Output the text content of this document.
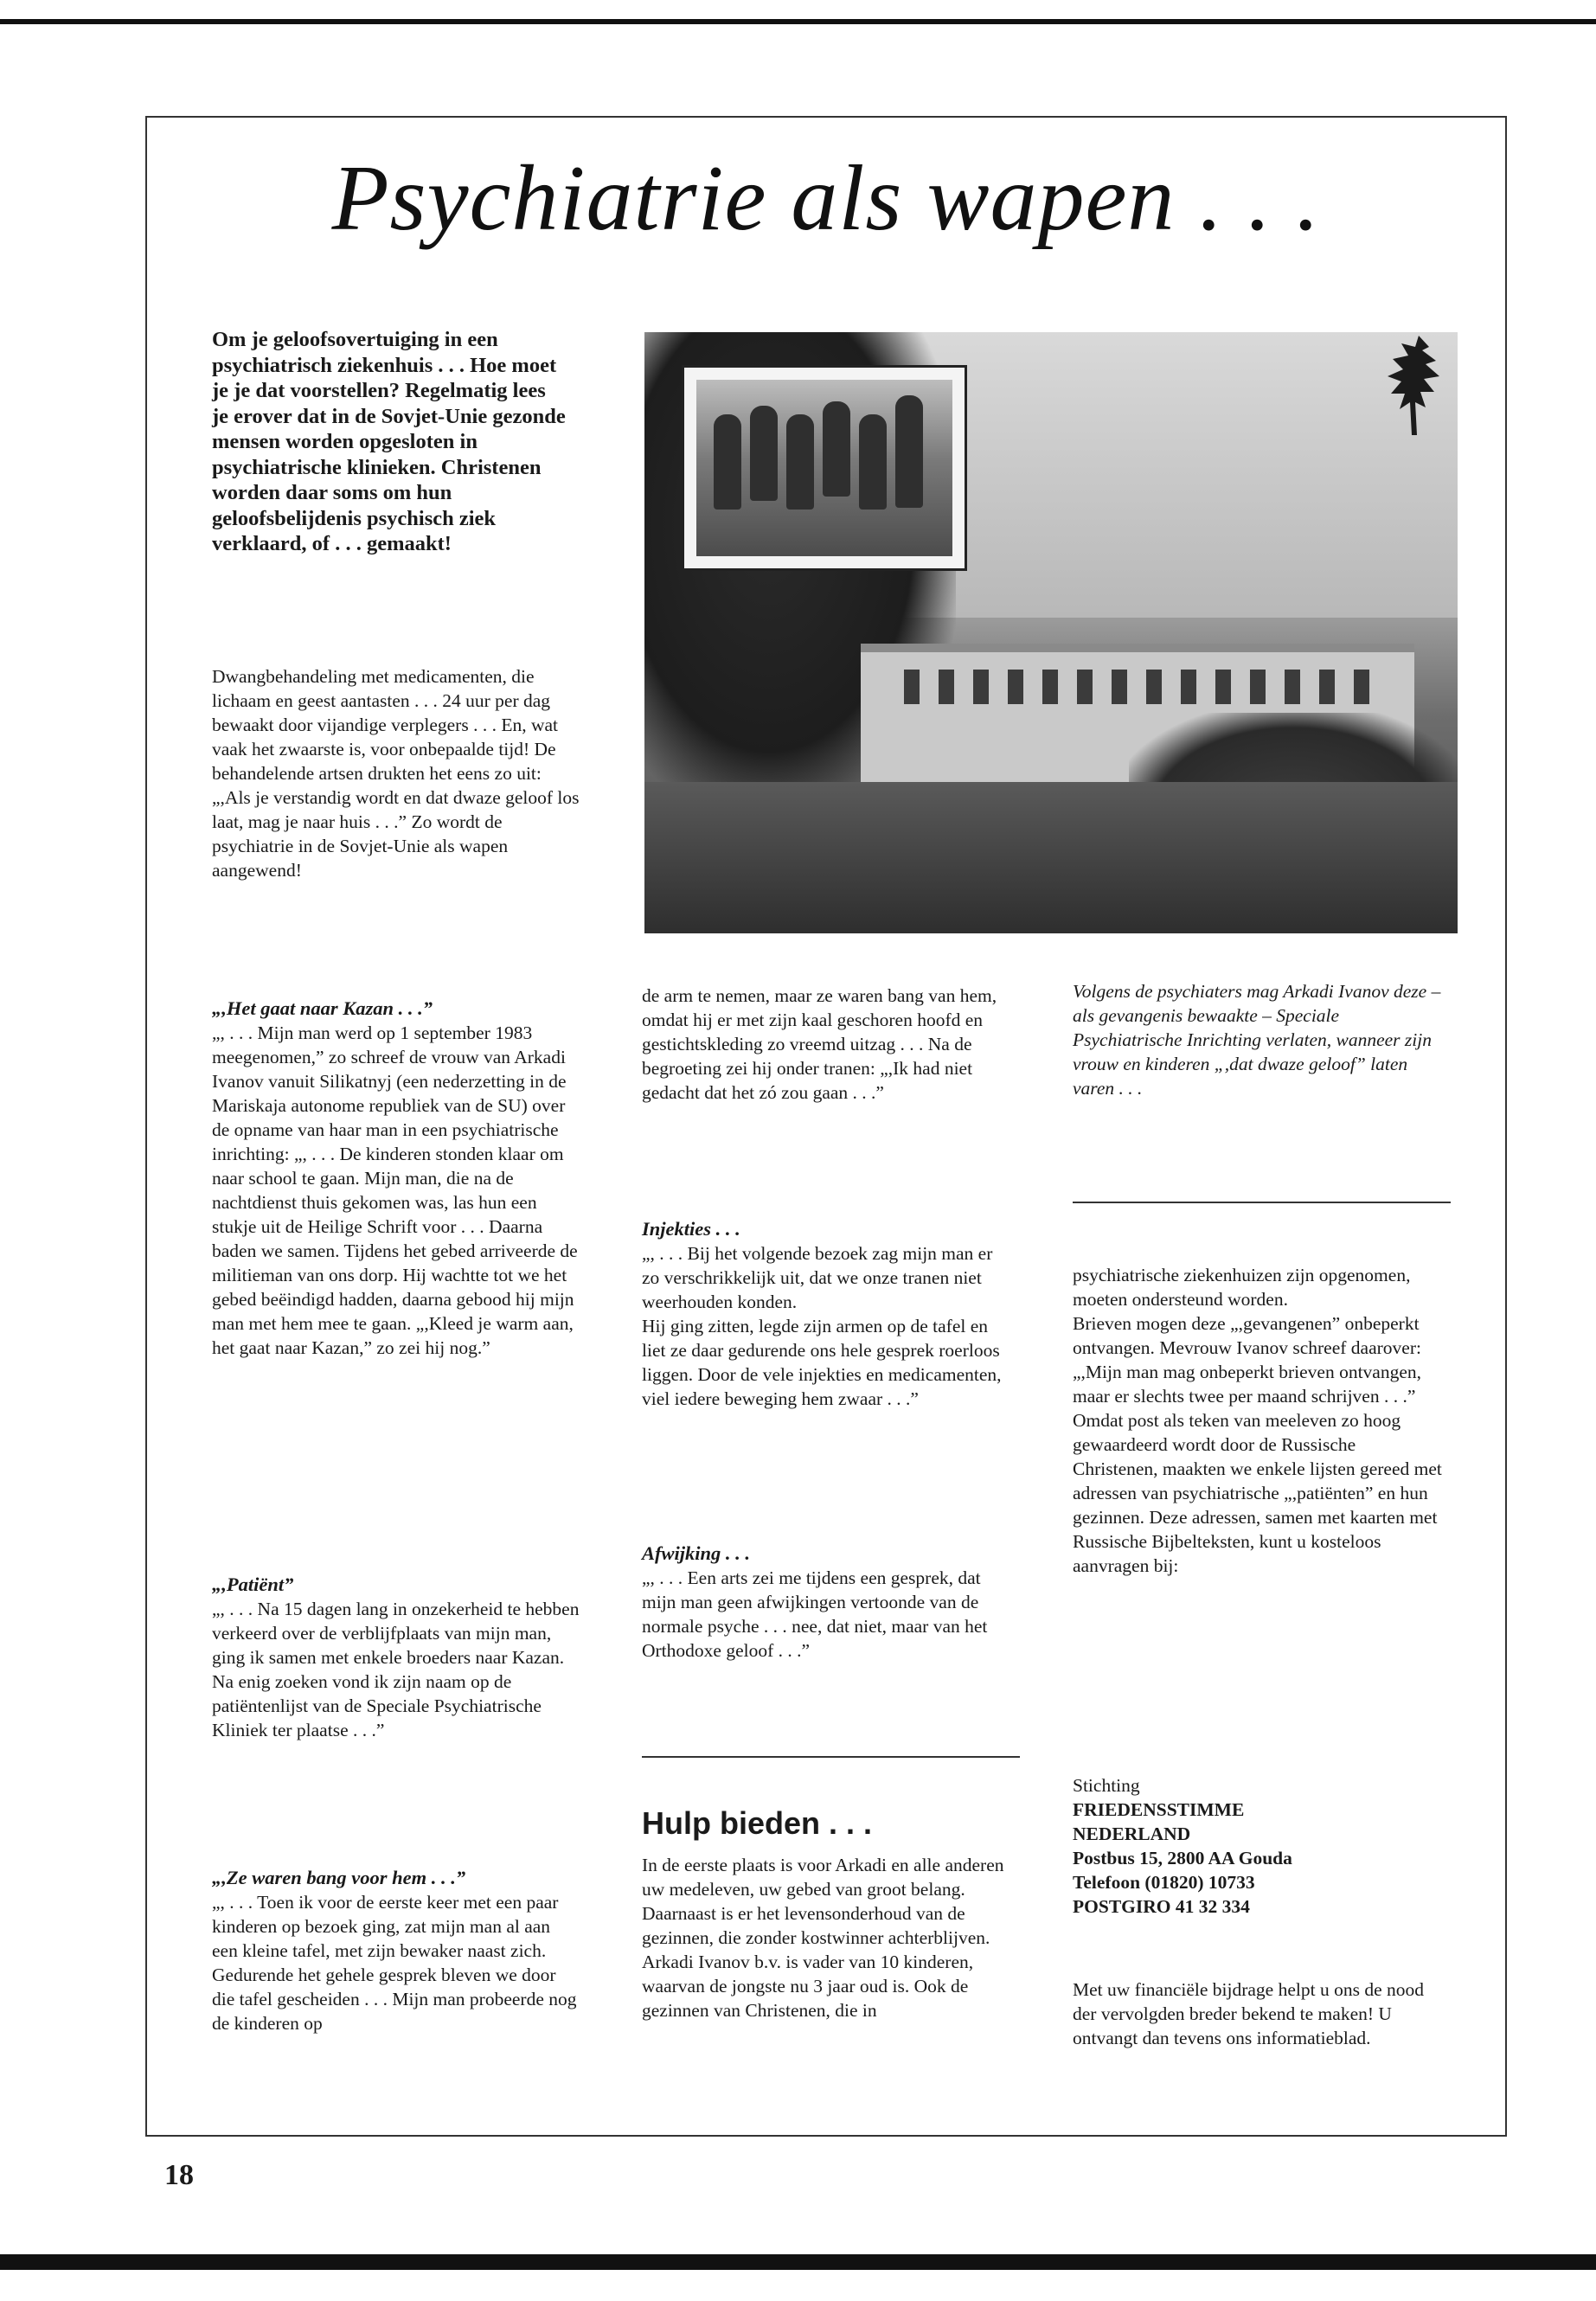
Psychiatrie als wapen . . .

Om je geloofsovertuiging in een psychiatrisch ziekenhuis . . . Hoe moet je je dat voorstellen? Regelmatig lees je erover dat in de Sovjet-Unie gezonde mensen worden opgesloten in psychiatrische klinieken. Christenen worden daar soms om hun geloofsbelijdenis psychisch ziek verklaard, of . . . gemaakt!

Dwangbehandeling met medicamenten, die lichaam en geest aantasten . . . 24 uur per dag bewaakt door vijandige verplegers . . . En, wat vaak het zwaarste is, voor onbepaalde tijd! De behandelende artsen drukten het eens zo uit: „,Als je verstandig wordt en dat dwaze geloof los laat, mag je naar huis . . .” Zo wordt de psychiatrie in de Sovjet-Unie als wapen aangewend!

„,Het gaat naar Kazan . . .”

„, . . . Mijn man werd op 1 september 1983 meegenomen,” zo schreef de vrouw van Arkadi Ivanov vanuit Silikatnyj (een nederzetting in de Mariskaja autonome republiek van de SU) over de opname van haar man in een psychiatrische inrichting: „, . . . De kinderen stonden klaar om naar school te gaan. Mijn man, die na de nachtdienst thuis gekomen was, las hun een stukje uit de Heilige Schrift voor . . . Daarna baden we samen. Tijdens het gebed arriveerde de militieman van ons dorp. Hij wachtte tot we het gebed beëindigd hadden, daarna gebood hij mijn man met hem mee te gaan. „,Kleed je warm aan, het gaat naar Kazan,” zo zei hij nog.”

„,Patiënt”

„, . . . Na 15 dagen lang in onzekerheid te hebben verkeerd over de verblijfplaats van mijn man, ging ik samen met enkele broeders naar Kazan. Na enig zoeken vond ik zijn naam op de patiëntenlijst van de Speciale Psychiatrische Kliniek ter plaatse . . .”

„,Ze waren bang voor hem . . .”

„, . . . Toen ik voor de eerste keer met een paar kinderen op bezoek ging, zat mijn man al aan een kleine tafel, met zijn bewaker naast zich. Gedurende het gehele gesprek bleven we door die tafel gescheiden . . . Mijn man probeerde nog de kinderen op

de arm te nemen, maar ze waren bang van hem, omdat hij er met zijn kaal geschoren hoofd en gestichtskleding zo vreemd uitzag . . . Na de begroeting zei hij onder tranen: „,Ik had niet gedacht dat het zó zou gaan . . .”

Injekties . . .

„, . . . Bij het volgende bezoek zag mijn man er zo verschrikkelijk uit, dat we onze tranen niet weerhouden konden.

Hij ging zitten, legde zijn armen op de tafel en liet ze daar gedurende ons hele gesprek roerloos liggen. Door de vele injekties en medicamenten, viel iedere beweging hem zwaar . . .”

Afwijking . . .

„, . . . Een arts zei me tijdens een gesprek, dat mijn man geen afwijkingen vertoonde van de normale psyche . . . nee, dat niet, maar van het Orthodoxe geloof . . .”

Hulp bieden . . .

In de eerste plaats is voor Arkadi en alle anderen uw medeleven, uw gebed van groot belang.

Daarnaast is er het levensonderhoud van de gezinnen, die zonder kostwinner achterblijven. Arkadi Ivanov b.v. is vader van 10 kinderen, waarvan de jongste nu 3 jaar oud is. Ook de gezinnen van Christenen, die in

Volgens de psychiaters mag Arkadi Ivanov deze – als gevangenis bewaakte – Speciale Psychiatrische Inrichting verlaten, wanneer zijn vrouw en kinderen „,dat dwaze geloof” laten varen . . .

psychiatrische ziekenhuizen zijn opgenomen, moeten ondersteund worden.

Brieven mogen deze „,gevangenen” onbeperkt ontvangen. Mevrouw Ivanov schreef daarover: „,Mijn man mag onbeperkt brieven ontvangen, maar er slechts twee per maand schrijven . . .”

Omdat post als teken van meeleven zo hoog gewaardeerd wordt door de Russische Christenen, maakten we enkele lijsten gereed met adressen van psychiatrische „,patiënten” en hun gezinnen. Deze adressen, samen met kaarten met Russische Bijbelteksten, kunt u kosteloos aanvragen bij:

Stichting

FRIEDENSSTIMME

NEDERLAND

Postbus 15, 2800 AA Gouda

Telefoon (01820) 10733

POSTGIRO 41 32 334

Met uw financiële bijdrage helpt u ons de nood der vervolgden breder bekend te maken! U ontvangt dan tevens ons informatieblad.

18
